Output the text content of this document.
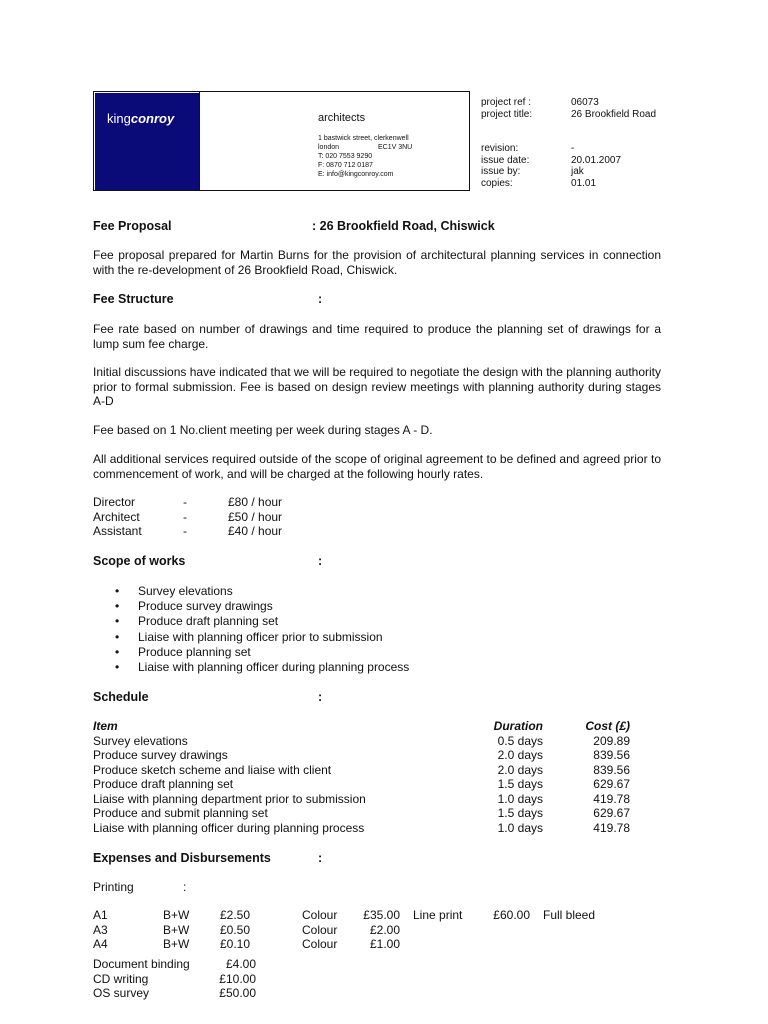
kingconroy	architects
1 bastwick street, clerkenwell
london	EC1V 3NU
T: 020 7553 9290
F: 0870 712 0187
E: info@kingconroy.com
project ref :	06073
project title:	26 Brookfield Road
revision:	-
issue date:	20.01.2007
issue by:	jak
copies:	01.01
Fee Proposal	: 26 Brookfield Road, Chiswick
Fee proposal prepared for Martin Burns for the provision of architectural planning services in connection with the re-development of 26 Brookfield Road, Chiswick.
Fee Structure	:
Fee rate based on number of drawings and time required to produce the planning set of drawings for a lump sum fee charge.
Initial discussions have indicated that we will be required to negotiate the design with the planning authority prior to formal submission. Fee is based on design review meetings with planning authority during stages A-D
Fee based on 1 No.client meeting per week during stages A - D.
All additional services required outside of the scope of original agreement to be defined and agreed prior to commencement of work, and will be charged at the following hourly rates.
Director	-	£80 / hour
Architect	-	£50 / hour
Assistant	-	£40 / hour
Scope of works	:
• Survey elevations
• Produce survey drawings
• Produce draft planning set
• Liaise with planning officer prior to submission
• Produce planning set
• Liaise with planning officer during planning process
Schedule	:
Item	Duration	Cost (£)
Survey elevations	0.5 days	209.89
Produce survey drawings	2.0 days	839.56
Produce sketch scheme and liaise with client	2.0 days	839.56
Produce draft planning set	1.5 days	629.67
Liaise with planning department prior to submission	1.0 days	419.78
Produce and submit planning set	1.5 days	629.67
Liaise with planning officer during planning process	1.0 days	419.78
Expenses and Disbursements	:
Printing	:
A1	B+W	£2.50	Colour	£35.00	Line print	£60.00	Full bleed
A3	B+W	£0.50	Colour	£2.00			
A4	B+W	£0.10	Colour	£1.00			
Document binding	£4.00
CD writing	£10.00
OS survey	£50.00
